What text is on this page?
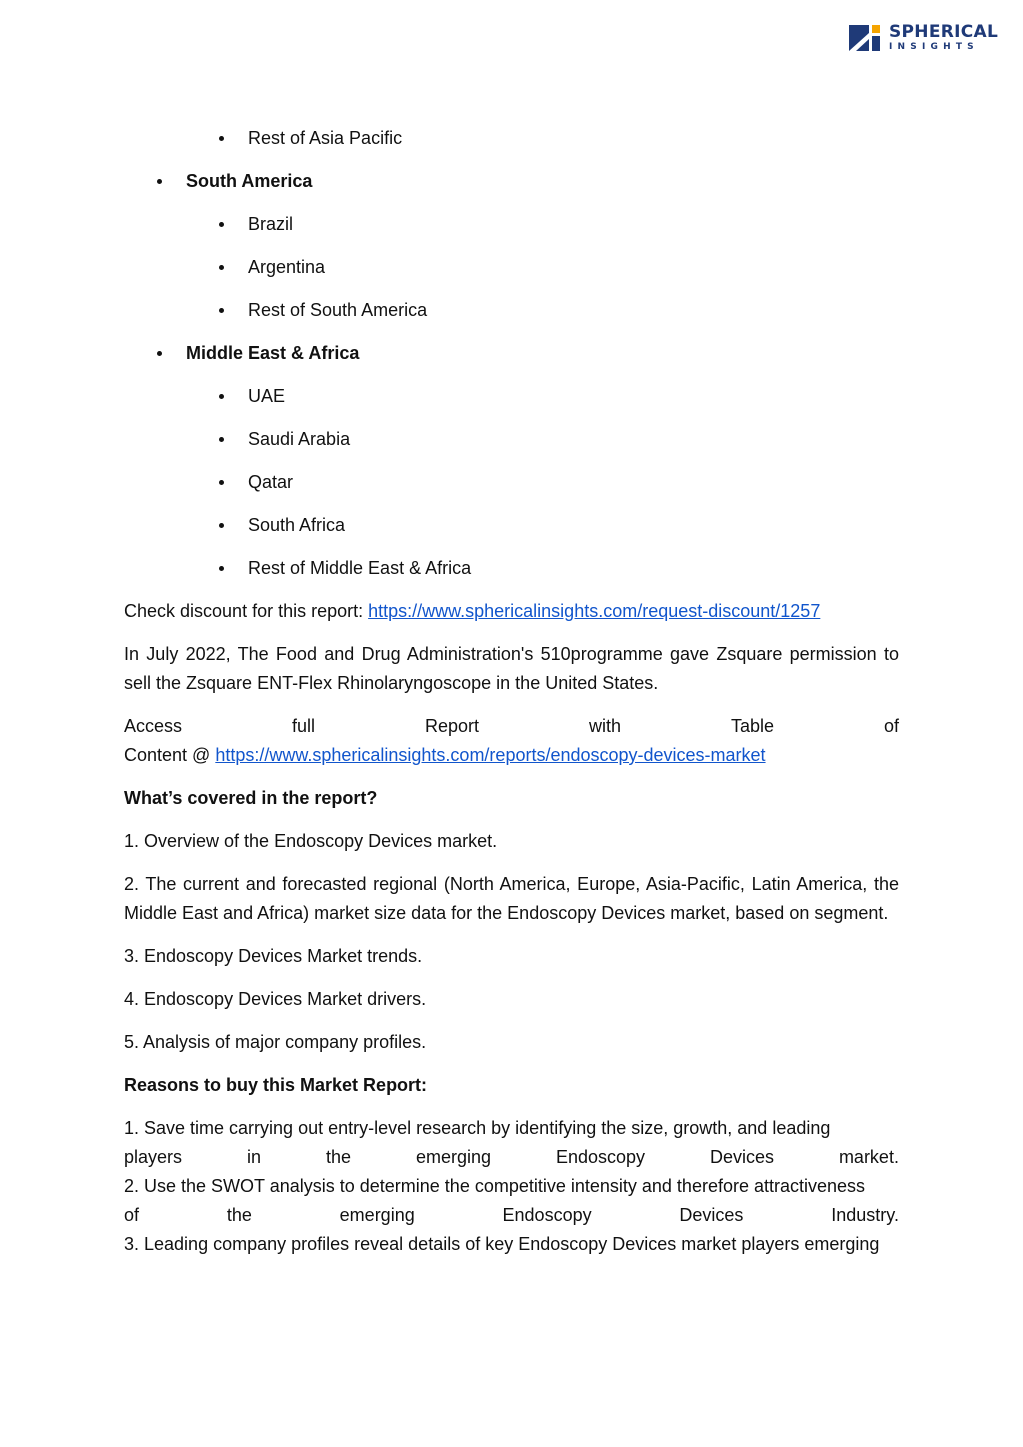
SPHERICAL
INSIGHTS
Rest of Asia Pacific
South America
Brazil
Argentina
Rest of South America
Middle East & Africa
UAE
Saudi Arabia
Qatar
South Africa
Rest of Middle East & Africa

Check discount for this report: https://www.sphericalinsights.com/request-discount/1257

In July 2022, The Food and Drug Administration's 510programme gave Zsquare permission to sell the Zsquare ENT-Flex Rhinolaryngoscope in the United States.

Access	full	Report	with	Table	of
Content @ https://www.sphericalinsights.com/reports/endoscopy-devices-market

What’s covered in the report?

1. Overview of the Endoscopy Devices market.

2. The current and forecasted regional (North America, Europe, Asia-Pacific, Latin America, the Middle East and Africa) market size data for the Endoscopy Devices market, based on segment.

3. Endoscopy Devices Market trends.

4. Endoscopy Devices Market drivers.

5. Analysis of major company profiles.

Reasons to buy this Market Report:

1. Save time carrying out entry-level research by identifying the size, growth, and leading
players	in	the	emerging	Endoscopy	Devices	market.
2. Use the SWOT analysis to determine the competitive intensity and therefore attractiveness
of	the	emerging	Endoscopy	Devices	Industry.
3. Leading company profiles reveal details of key Endoscopy Devices market players emerging
